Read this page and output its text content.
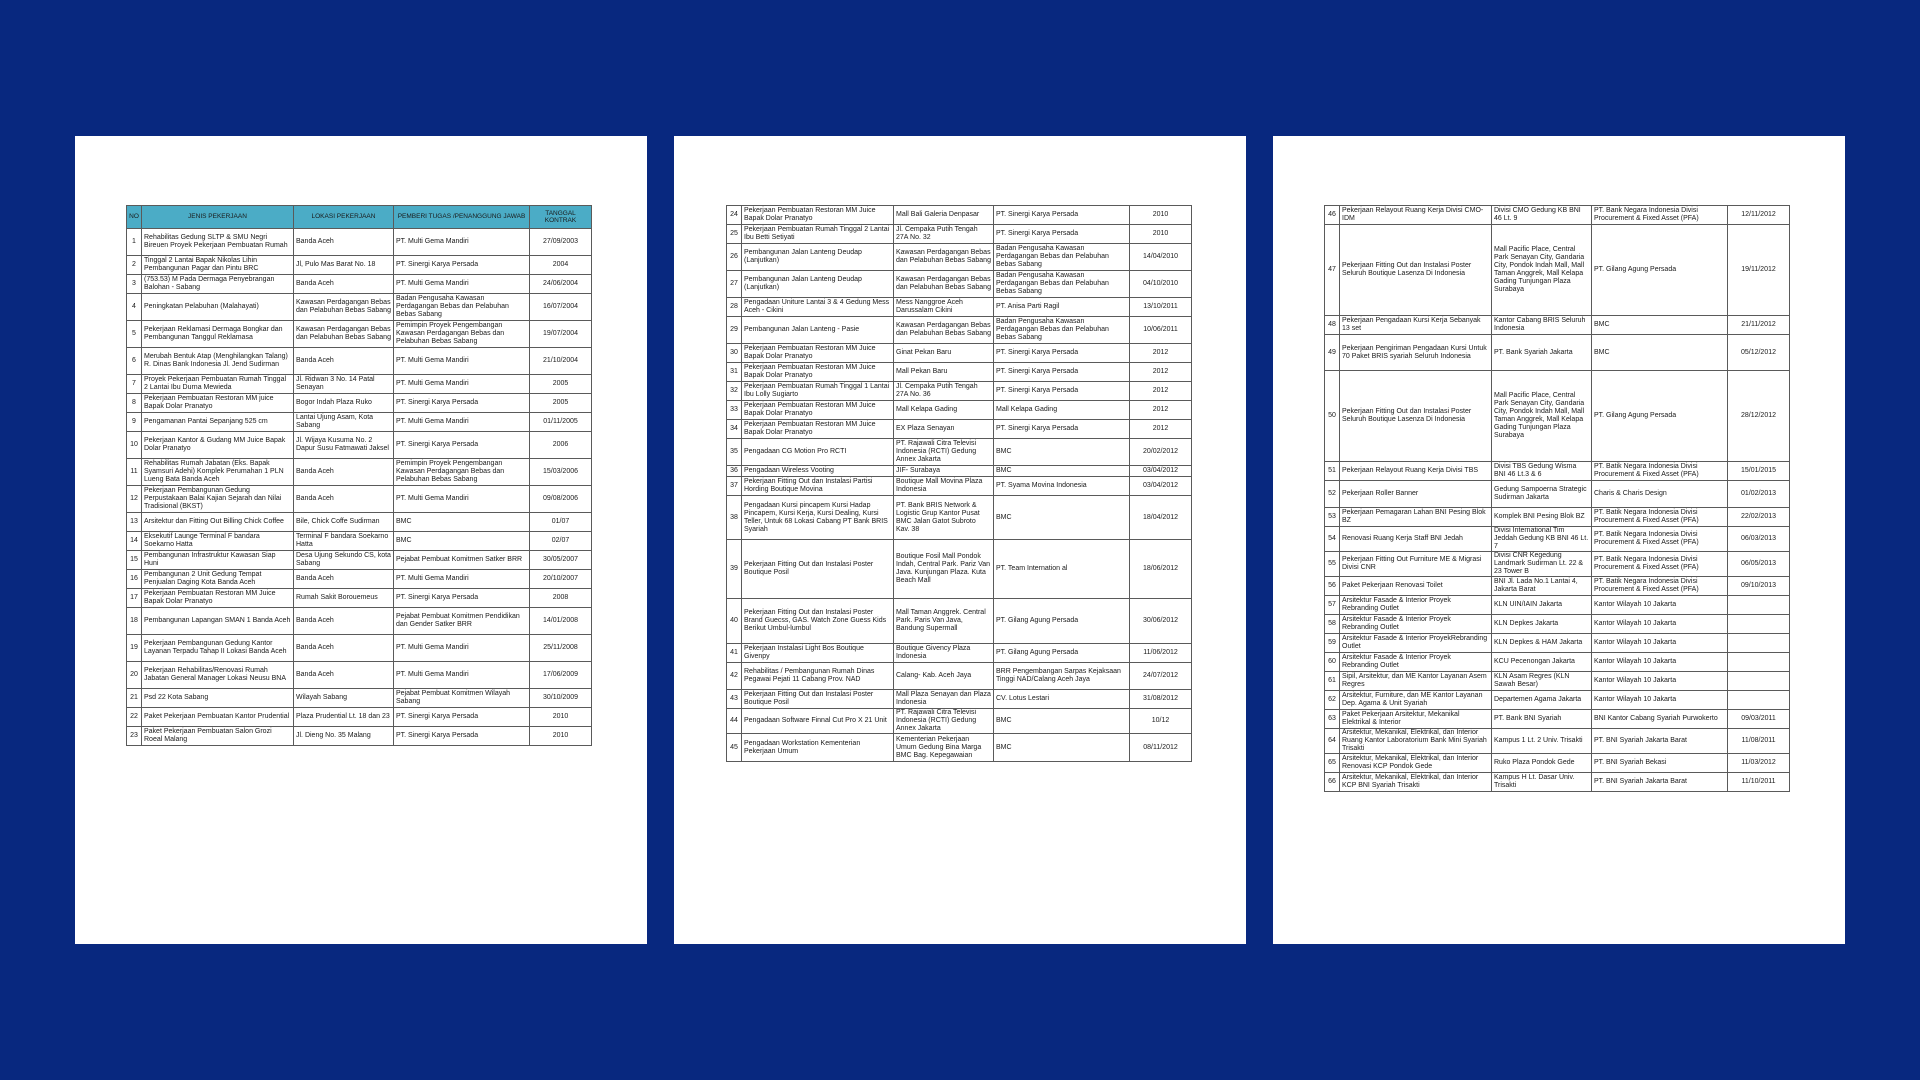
NO	JENIS PEKERJAAN	LOKASI PEKERJAAN	PEMBERI TUGAS /PENANGGUNG JAWAB	TANGGAL KONTRAK
1	Rehabilitas Gedung SLTP & SMU Negri Bireuen Proyek Pekerjaan Pembuatan Rumah	Banda Aceh	PT. Multi Gema Mandiri	27/09/2003
2	Tinggal 2 Lantai Bapak Nikolas Lihin Pembangunan Pagar dan Pintu BRC	Jl, Pulo Mas Barat No. 18	PT. Sinergi Karya Persada	2004
3	(753.53) M Pada Dermaga Penyebrangan Balohan - Sabang	Banda Aceh	PT. Multi Gema Mandiri	24/06/2004
4	Peningkatan Pelabuhan (Malahayati)	Kawasan Perdagangan Bebas dan Pelabuhan Bebas Sabang	Badan Pengusaha Kawasan Perdagangan Bebas dan Pelabuhan Bebas Sabang	16/07/2004
5	Pekerjaan Reklamasi Dermaga Bongkar dan Pembangunan Tanggul Reklamasa	Kawasan Perdagangan Bebas dan Pelabuhan Bebas Sabang	Pemimpin Proyek Pengembangan Kawasan Perdagangan Bebas dan Pelabuhan Bebas Sabang	19/07/2004
6	Merubah Bentuk Atap (Menghilangkan Talang) R. Dinas Bank Indonesia Jl. Jend Sudirman	Banda Aceh	PT. Multi Gema Mandiri	21/10/2004
7	Proyek Pekerjaan Pembuatan Rumah Tinggal 2 Lantai Ibu Durna Mewieda	Jl. Ridwan 3 No. 14 Patal Senayan	PT. Multi Gema Mandiri	2005
8	Pekerjaan Pembuatan Restoran MM juice Bapak Dolar Pranatyo	Bogor Indah Plaza Ruko	PT. Sinergi Karya Persada	2005
9	Pengamanan Pantai Sepanjang 525 cm	Lantai Ujung Asam, Kota Sabang	PT. Multi Gema Mandiri	01/11/2005
10	Pekerjaan Kantor & Gudang MM Juice Bapak Dolar Pranatyo	Jl. Wijaya Kusuma No. 2 Dapur Susu Fatmawati Jaksel	PT. Sinergi Karya Persada	2006
11	Rehabilitas Rumah Jabatan (Eks. Bapak Syamsuri Adehi) Komplek Perumahan 1 PLN Lueng Bata Banda Aceh	Banda Aceh	Pemimpin Proyek Pengembangan Kawasan Perdagangan Bebas dan Pelabuhan Bebas Sabang	15/03/2006
12	Pekerjaan Pembangunan Gedung Perpustakaan Balai Kajian Sejarah dan Nilai Tradisional (BKST)	Banda Aceh	PT. Multi Gema Mandiri	09/08/2006
13	Arsitektur dan Fitting Out Billing Chick Coffee	Bile, Chick Coffe Sudirman	BMC	01/07
14	Eksekutif Launge Terminal F bandara Soekarno Hatta	Terminal F bandara Soekarno Hatta	BMC	02/07
15	Pembangunan Infrastruktur Kawasan Siap Huni	Desa Ujung Sekundo CS, kota Sabang	Pejabat Pembuat Komitmen Satker BRR	30/05/2007
16	Pembangunan 2 Unit Gedung Tempat Penjualan Daging Kota Banda Aceh	Banda Aceh	PT. Multi Gema Mandiri	20/10/2007
17	Pekerjaan Pembuatan Restoran MM Juice Bapak Dolar Pranatyo	Rumah Sakit Borouemeus	PT. Sinergi Karya Persada	2008
18	Pembangunan Lapangan SMAN 1 Banda Aceh	Banda Aceh	Pejabat Pembuat Komitmen Pendidikan dan Gender Satker BRR	14/01/2008
19	Pekerjaan Pembangunan Gedung Kantor Layanan Terpadu Tahap II Lokasi Banda Aceh	Banda Aceh	PT. Multi Gema Mandiri	25/11/2008
20	Pekerjaan Rehabilitas/Renovasi Rumah Jabatan General Manager Lokasi Neusu BNA	Banda Aceh	PT. Multi Gema Mandiri	17/06/2009
21	Psd 22 Kota Sabang	Wilayah Sabang	Pejabat Pembuat Komitmen Wilayah Sabang	30/10/2009
22	Paket Pekerjaan Pembuatan Kantor Prudential	Plaza Prudential Lt. 18 dan 23	PT. Sinergi Karya Persada	2010
23	Paket Pekerjaan Pembuatan Salon Grozi Roeal Malang	Jl. Dieng No. 35 Malang	PT. Sinergi Karya Persada	2010
24	Pekerjaan Pembuatan Restoran MM Juice Bapak Dolar Pranatyo	Mall Bali Galeria Denpasar	PT. Sinergi Karya Persada	2010
25	Pekerjaan Pembuatan Rumah Tinggal 2 Lantai Ibu Betti Setiyati	Jl. Cempaka Putih Tengah 27A No. 32	PT. Sinergi Karya Persada	2010
26	Pembangunan Jalan Lanteng Deudap (Lanjutkan)	Kawasan Perdagangan Bebas dan Pelabuhan Bebas Sabang	Badan Pengusaha Kawasan Perdagangan Bebas dan Pelabuhan Bebas Sabang	14/04/2010
27	Pembangunan Jalan Lanteng Deudap (Lanjutkan)	Kawasan Perdagangan Bebas dan Pelabuhan Bebas Sabang	Badan Pengusaha Kawasan Perdagangan Bebas dan Pelabuhan Bebas Sabang	04/10/2010
28	Pengadaan Uniture Lantai 3 & 4 Gedung Mess Aceh - Cikini	Mess Nanggroe Aceh Darussalam Cikini	PT. Anisa Parti Ragil	13/10/2011
29	Pembangunan Jalan Lanteng - Pasie	Kawasan Perdagangan Bebas dan Pelabuhan Bebas Sabang	Badan Pengusaha Kawasan Perdagangan Bebas dan Pelabuhan Bebas Sabang	10/06/2011
30	Pekerjaan Pembuatan Restoran MM Juice Bapak Dolar Pranatyo	Ginat Pekan Baru	PT. Sinergi Karya Persada	2012
31	Pekerjaan Pembuatan Restoran MM Juice Bapak Dolar Pranatyo	Mall Pekan Baru	PT. Sinergi Karya Persada	2012
32	Pekerjaan Pembuatan Rumah Tinggal 1 Lantai Ibu Lolly Sugiarto	Jl. Cempaka Putih Tengah 27A No. 36	PT. Sinergi Karya Persada	2012
33	Pekerjaan Pembuatan Restoran MM Juice Bapak Dolar Pranatyo	Mall Kelapa Gading	Mall Kelapa Gading	2012
34	Pekerjaan Pembuatan Restoran MM Juice Bapak Dolar Pranatyo	EX Plaza Senayan	PT. Sinergi Karya Persada	2012
35	Pengadaan CG Motion Pro RCTI	PT. Rajawali Citra Televisi Indonesia (RCTI) Gedung Annex Jakarta	BMC	20/02/2012
36	Pengadaan Wireless Vooting	JIF- Surabaya	BMC	03/04/2012
37	Pekerjaan Fitting Out dan Instalasi Partisi Hording Boutique Movina	Boutique Mall Movina Plaza Indonesia	PT. Syama Movina Indonesia	03/04/2012
38	Pengadaan Kursi pincapem Kursi Hadap Pincapem, Kursi Kerja, Kursi Dealing, Kursi Teller, Untuk 68 Lokasi Cabang PT Bank BRIS Syariah	PT. Bank BRIS Network & Logistic Grup Kantor Pusat BMC Jalan Gatot Subroto Kav. 38	BMC	18/04/2012
39	Pekerjaan Fitting Out dan Instalasi Poster Boutique Posil	Boutique Fosil Mall Pondok Indah, Central Park. Pariz Van Java. Kunjungan Plaza. Kuta Beach Mall	PT. Team Internation al	18/06/2012
40	Pekerjaan Fitting Out dan Instalasi Poster Brand Guecss, GAS. Watch Zone Guess Kids Berikut Umbul-lumbul	Mall Taman Anggrek. Central Park. Paris Van Java, Bandung Supermall	PT. Gilang Agung Persada	30/06/2012
41	Pekerjaan Instalasi Light Bos Boutique Givenpy	Boutique Givency Plaza Indonesia	PT. Gilang Agung Persada	11/06/2012
42	Rehabilitas / Pembangunan Rumah Dinas Pegawai Pejati 11 Cabang Prov. NAD	Calang- Kab. Aceh Jaya	BRR Pengembangan Sarpas Kejaksaan Tinggi NAD/Calang Aceh Jaya	24/07/2012
43	Pekerjaan Fitting Out dan Instalasi Poster Boutique Posil	Mall Plaza Senayan dan Plaza Indonesia	CV. Lotus Lestari	31/08/2012
44	Pengadaan Software Finnal Cut Pro X 21 Unit	PT. Rajawali Citra Televisi Indonesia (RCTI) Gedung Annex Jakarta	BMC	10/12
45	Pengadaan Workstation Kementerian Pekerjaan Umum	Kementerian Pekerjaan Umum Gedung Bina Marga BMC Bag. Kepegawaian	BMC	08/11/2012
46	Pekerjaan Relayout Ruang Kerja Divisi CMO-IDM	Divisi CMO Gedung KB BNI 46 Lt. 9	PT. Bank Negara Indonesia Divisi Procurement & Fixed Asset (PFA)	12/11/2012
47	Pekerjaan Fitting Out dan Instalasi Poster Seluruh Boutique Lasenza Di Indonesia	Mall Pacific Place, Central Park Senayan City, Gandaria City, Pondok Indah Mall, Mall Taman Anggrek, Mall Kelapa Gading Tunjungan Plaza Surabaya	PT. Gilang Agung Persada	19/11/2012
48	Pekerjaan Pengadaan Kursi Kerja Sebanyak 13 set	Kantor Cabang BRIS Seluruh Indonesia	BMC	21/11/2012
49	Pekerjaan Pengiriman Pengadaan Kursi Untuk 70 Paket BRIS syariah Seluruh Indonesia	PT. Bank Syariah Jakarta	BMC	05/12/2012
50	Pekerjaan Fitting Out dan Instalasi Poster Seluruh Boutique Lasenza Di Indonesia	Mall Pacific Place, Central Park Senayan City, Gandaria City, Pondok Indah Mall, Mall Taman Anggrek, Mall Kelapa Gading Tunjungan Plaza Surabaya	PT. Gilang Agung Persada	28/12/2012
51	Pekerjaan Relayout Ruang Kerja Divisi TBS	Divisi TBS Gedung Wisma BNI 46 Lt.3 & 6	PT. Batik Negara Indonesia Divisi Procurement & Fixed Asset (PFA)	15/01/2015
52	Pekerjaan Roller Banner	Gedung Sampoerna Strategic Sudirman Jakarta	Charis & Charis Design	01/02/2013
53	Pekerjaan Pemagaran Lahan BNI Pesing Blok BZ	Komplek BNI Pesing Blok BZ	PT. Batik Negara Indonesia Divisi Procurement & Fixed Asset (PFA)	22/02/2013
54	Renovasi Ruang Kerja Staff BNI Jedah	Divisi International Tim Jeddah Gedung KB BNI 46 Lt. 7	PT. Batik Negara Indonesia Divisi Procurement & Fixed Asset (PFA)	06/03/2013
55	Pekerjaan Fitting Out Furniture ME & Migrasi Divisi CNR	Divisi CNR Kegedung Landmark Sudirman Lt. 22 & 23 Tower B	PT. Batik Negara Indonesia Divisi Procurement & Fixed Asset (PFA)	06/05/2013
56	Paket Pekerjaan Renovasi Toilet	BNI Jl. Lada No.1 Lantai 4, Jakarta Barat	PT. Batik Negara Indonesia Divisi Procurement & Fixed Asset (PFA)	09/10/2013
57	Arsitektur Fasade & Interior Proyek Rebranding Outlet	KLN UIN/IAIN Jakarta	Kantor Wilayah 10 Jakarta	
58	Arsitektur Fasade & Interior Proyek Rebranding Outlet	KLN Depkes Jakarta	Kantor Wilayah 10 Jakarta	
59	Arsitektur Fasade & Interior ProyekRebranding Outlet	KLN Depkes & HAM Jakarta	Kantor Wilayah 10 Jakarta	
60	Arsitektur Fasade & Interior Proyek Rebranding Outlet	KCU Pecenongan Jakarta	Kantor Wilayah 10 Jakarta	
61	Sipil, Arsitektur, dan ME Kantor Layanan Asem Regres	KLN Asam Regres (KLN Sawah Besar)	Kantor Wilayah 10 Jakarta	
62	Arsitektur, Furniture, dan ME Kantor Layanan Dep. Agama & Unit Syariah	Departemen Agama Jakarta	Kantor Wilayah 10 Jakarta	
63	Paket Pekerjaan Arsitektur, Mekanikal Elektrikal & Interior	PT. Bank BNI Syariah	BNI Kantor Cabang Syariah Purwokerto	09/03/2011
64	Arsitektur, Mekanikal, Elektrikal, dan Interior Ruang Kantor Laboratorium Bank Mini Syariah Trisakti	Kampus 1 Lt. 2 Univ. Trisakti	PT. BNI Syariah Jakarta Barat	11/08/2011
65	Arsitektur, Mekanikal, Elektrikal, dan Interior Renovasi KCP Pondok Gede	Ruko Plaza Pondok Gede	PT. BNI Syariah Bekasi	11/03/2012
66	Arsitektur, Mekanikal, Elektrikal, dan Interior KCP BNI Syariah Trisakti	Kampus H Lt. Dasar Univ. Trisakti	PT. BNI Syariah Jakarta Barat	11/10/2011
